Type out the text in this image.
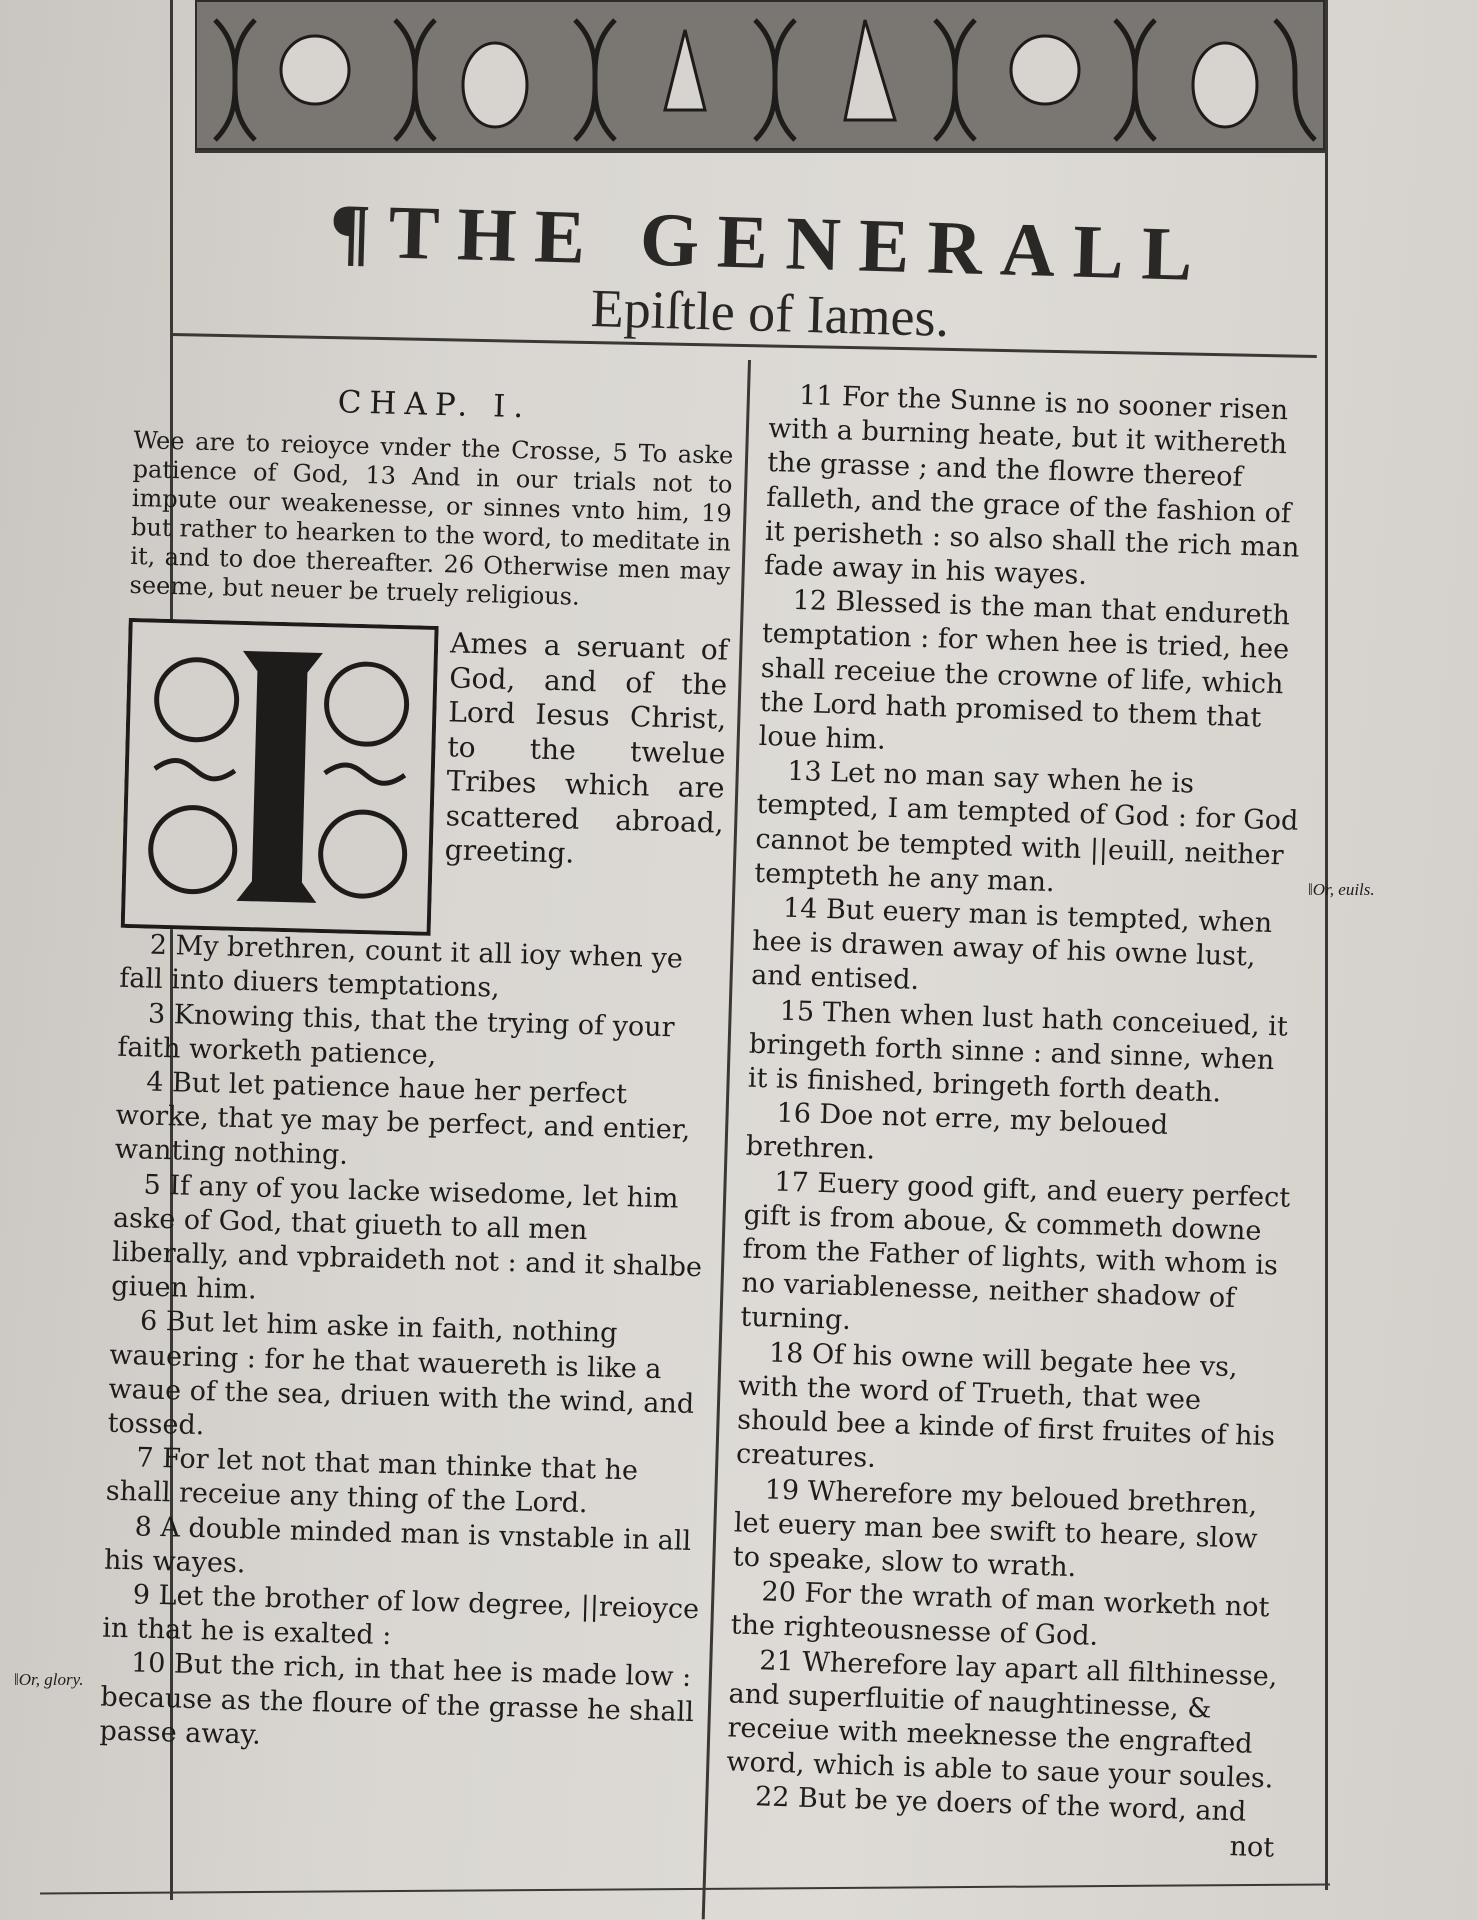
¶THE GENERALL
Epiſtle of Iames.

CHAP. I.

Wee are to reioyce vnder the Crosse, 5 To aske patience of God, 13 And in our trials not to impute our weakenesse, or sinnes vnto him, 19 but rather to hearken to the word, to meditate in it, and to doe thereafter. 26 Otherwise men may seeme, but neuer be truely religious.

Ames a seruant of God, and of the Lord Iesus Christ, to the twelue Tribes which are scattered abroad, greeting.

2 My brethren, count it all ioy when ye fall into diuers temptations,

3 Knowing this, that the trying of your faith worketh patience,

4 But let patience haue her perfect worke, that ye may be perfect, and entier, wanting nothing.

5 If any of you lacke wisedome, let him aske of God, that giueth to all men liberally, and vpbraideth not : and it shalbe giuen him.

6 But let him aske in faith, nothing wauering : for he that wauereth is like a waue of the sea, driuen with the wind, and tossed.

7 For let not that man thinke that he shall receiue any thing of the Lord.

8 A double minded man is vnstable in all his wayes.

9 Let the brother of low degree, ||reioyce in that he is exalted :

10 But the rich, in that hee is made low : because as the floure of the grasse he shall passe away.

11 For the Sunne is no sooner risen with a burning heate, but it withereth the grasse ; and the flowre thereof falleth, and the grace of the fashion of it perisheth : so also shall the rich man fade away in his wayes.

12 Blessed is the man that endureth temptation : for when hee is tried, hee shall receiue the crowne of life, which the Lord hath promised to them that loue him.

13 Let no man say when he is tempted, I am tempted of God : for God cannot be tempted with ||euill, neither tempteth he any man.

14 But euery man is tempted, when hee is drawen away of his owne lust, and entised.

15 Then when lust hath conceiued, it bringeth forth sinne : and sinne, when it is finished, bringeth forth death.

16 Doe not erre, my beloued brethren.

17 Euery good gift, and euery perfect gift is from aboue, & commeth downe from the Father of lights, with whom is no variablenesse, neither shadow of turning.

18 Of his owne will begate hee vs, with the word of Trueth, that wee should bee a kinde of first fruites of his creatures.

19 Wherefore my beloued brethren, let euery man bee swift to heare, slow to speake, slow to wrath.

20 For the wrath of man worketh not the righteousnesse of God.

21 Wherefore lay apart all filthinesse, and superfluitie of naughtinesse, & receiue with meeknesse the engrafted word, which is able to saue your soules.

22 But be ye doers of the word, and

not
‖Or, glory.
‖Or, euils.
